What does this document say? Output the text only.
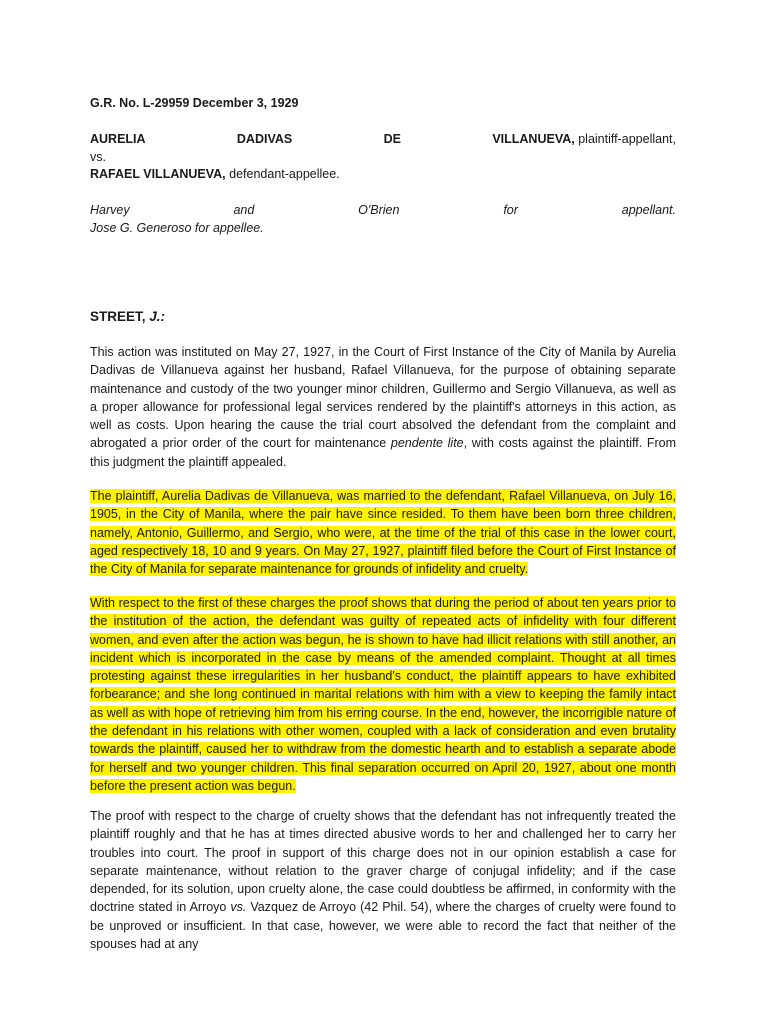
G.R. No. L-29959 December 3, 1929
AURELIA	DADIVAS	DE	VILLANUEVA, plaintiff-appellant,
vs.
RAFAEL VILLANUEVA, defendant-appellee.
Harvey	and	O'Brien	for	appellant.
Jose G. Generoso for appellee.
STREET, J.:

This action was instituted on May 27, 1927, in the Court of First Instance of the City of Manila by Aurelia Dadivas de Villanueva against her husband, Rafael Villanueva, for the purpose of obtaining separate maintenance and custody of the two younger minor children, Guillermo and Sergio Villanueva, as well as a proper allowance for professional legal services rendered by the plaintiff's attorneys in this action, as well as costs. Upon hearing the cause the trial court absolved the defendant from the complaint and abrogated a prior order of the court for maintenance pendente lite, with costs against the plaintiff. From this judgment the plaintiff appealed.

The plaintiff, Aurelia Dadivas de Villanueva, was married to the defendant, Rafael Villanueva, on July 16, 1905, in the City of Manila, where the pair have since resided. To them have been born three children, namely, Antonio, Guillermo, and Sergio, who were, at the time of the trial of this case in the lower court, aged respectively 18, 10 and 9 years. On May 27, 1927, plaintiff filed before the Court of First Instance of the City of Manila for separate maintenance for grounds of infidelity and cruelty.

With respect to the first of these charges the proof shows that during the period of about ten years prior to the institution of the action, the defendant was guilty of repeated acts of infidelity with four different women, and even after the action was begun, he is shown to have had illicit relations with still another, an incident which is incorporated in the case by means of the amended complaint. Thought at all times protesting against these irregularities in her husband's conduct, the plaintiff appears to have exhibited forbearance; and she long continued in marital relations with him with a view to keeping the family intact as well as with hope of retrieving him from his erring course. In the end, however, the incorrigible nature of the defendant in his relations with other women, coupled with a lack of consideration and even brutality towards the plaintiff, caused her to withdraw from the domestic hearth and to establish a separate abode for herself and two younger children. This final separation occurred on April 20, 1927, about one month before the present action was begun.

The proof with respect to the charge of cruelty shows that the defendant has not infrequently treated the plaintiff roughly and that he has at times directed abusive words to her and challenged her to carry her troubles into court. The proof in support of this charge does not in our opinion establish a case for separate maintenance, without relation to the graver charge of conjugal infidelity; and if the case depended, for its solution, upon cruelty alone, the case could doubtless be affirmed, in conformity with the doctrine stated in Arroyo vs. Vazquez de Arroyo (42 Phil. 54), where the charges of cruelty were found to be unproved or insufficient. In that case, however, we were able to record the fact that neither of the spouses had at any
